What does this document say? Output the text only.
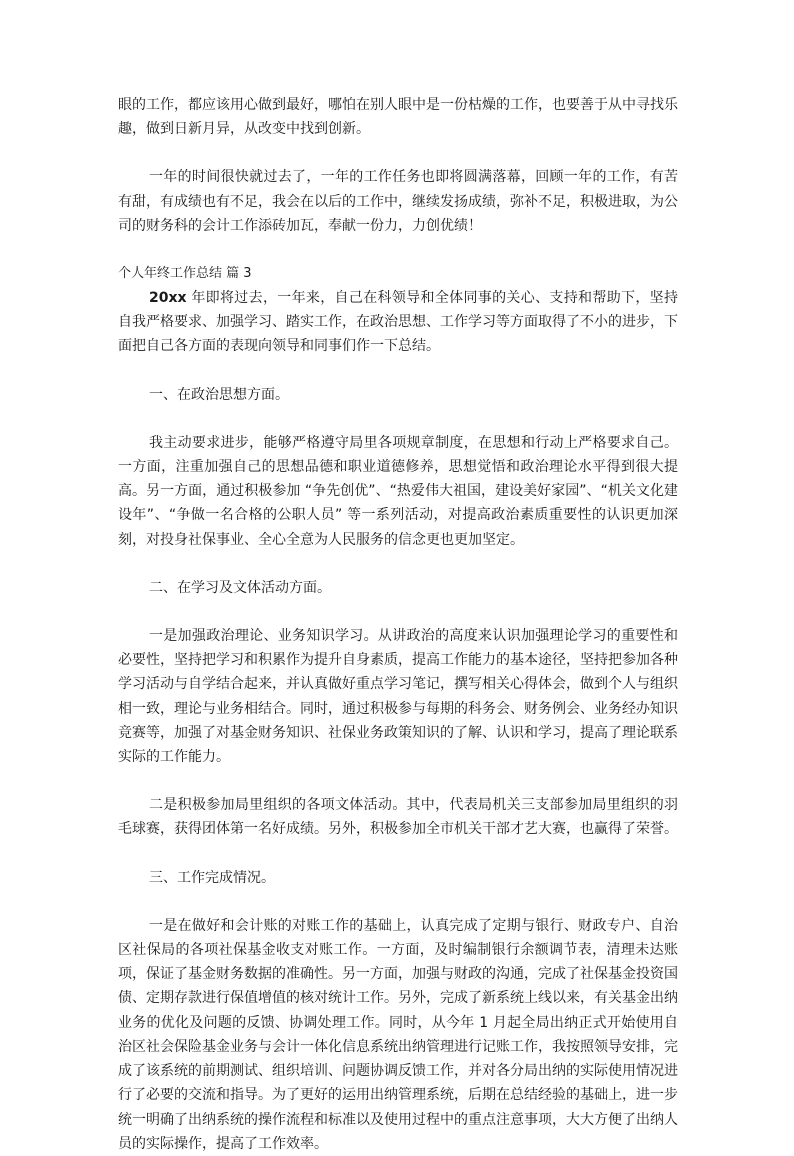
眼的工作，都应该用心做到最好，哪怕在别人眼中是一份枯燥的工作，也要善于从中寻找乐趣，做到日新月异，从改变中找到创新。

一年的时间很快就过去了，一年的工作任务也即将圆满落幕，回顾一年的工作，有苦有甜，有成绩也有不足，我会在以后的工作中，继续发扬成绩，弥补不足，积极进取，为公司的财务科的会计工作添砖加瓦，奉献一份力，力创优绩！

个人年终工作总结 篇 3

20xx 年即将过去，一年来，自己在科领导和全体同事的关心、支持和帮助下，坚持自我严格要求、加强学习、踏实工作，在政治思想、工作学习等方面取得了不小的进步，下面把自己各方面的表现向领导和同事们作一下总结。

一、在政治思想方面。

我主动要求进步，能够严格遵守局里各项规章制度，在思想和行动上严格要求自己。一方面，注重加强自己的思想品德和职业道德修养，思想觉悟和政治理论水平得到很大提高。另一方面，通过积极参加 “争先创优”、“热爱伟大祖国，建设美好家园”、“机关文化建设年”、“争做一名合格的公职人员” 等一系列活动，对提高政治素质重要性的认识更加深刻，对投身社保事业、全心全意为人民服务的信念更也更加坚定。

二、在学习及文体活动方面。

一是加强政治理论、业务知识学习。从讲政治的高度来认识加强理论学习的重要性和必要性，坚持把学习和积累作为提升自身素质，提高工作能力的基本途径，坚持把参加各种学习活动与自学结合起来，并认真做好重点学习笔记，撰写相关心得体会，做到个人与组织相一致，理论与业务相结合。同时，通过积极参与每期的科务会、财务例会、业务经办知识竞赛等，加强了对基金财务知识、社保业务政策知识的了解、认识和学习，提高了理论联系实际的工作能力。

二是积极参加局里组织的各项文体活动。其中，代表局机关三支部参加局里组织的羽毛球赛，获得团体第一名好成绩。另外，积极参加全市机关干部才艺大赛，也赢得了荣誉。

三、工作完成情况。

一是在做好和会计账的对账工作的基础上，认真完成了定期与银行、财政专户、自治区社保局的各项社保基金收支对账工作。一方面，及时编制银行余额调节表，清理未达账项，保证了基金财务数据的准确性。另一方面，加强与财政的沟通，完成了社保基金投资国债、定期存款进行保值增值的核对统计工作。另外，完成了新系统上线以来，有关基金出纳业务的优化及问题的反馈、协调处理工作。同时，从今年 1 月起全局出纳正式开始使用自治区社会保险基金业务与会计一体化信息系统出纳管理进行记账工作，我按照领导安排，完成了该系统的前期测试、组织培训、问题协调反馈工作，并对各分局出纳的实际使用情况进行了必要的交流和指导。为了更好的运用出纳管理系统，后期在总结经验的基础上，进一步统一明确了出纳系统的操作流程和标准以及使用过程中的重点注意事项，大大方便了出纳人员的实际操作，提高了工作效率。
